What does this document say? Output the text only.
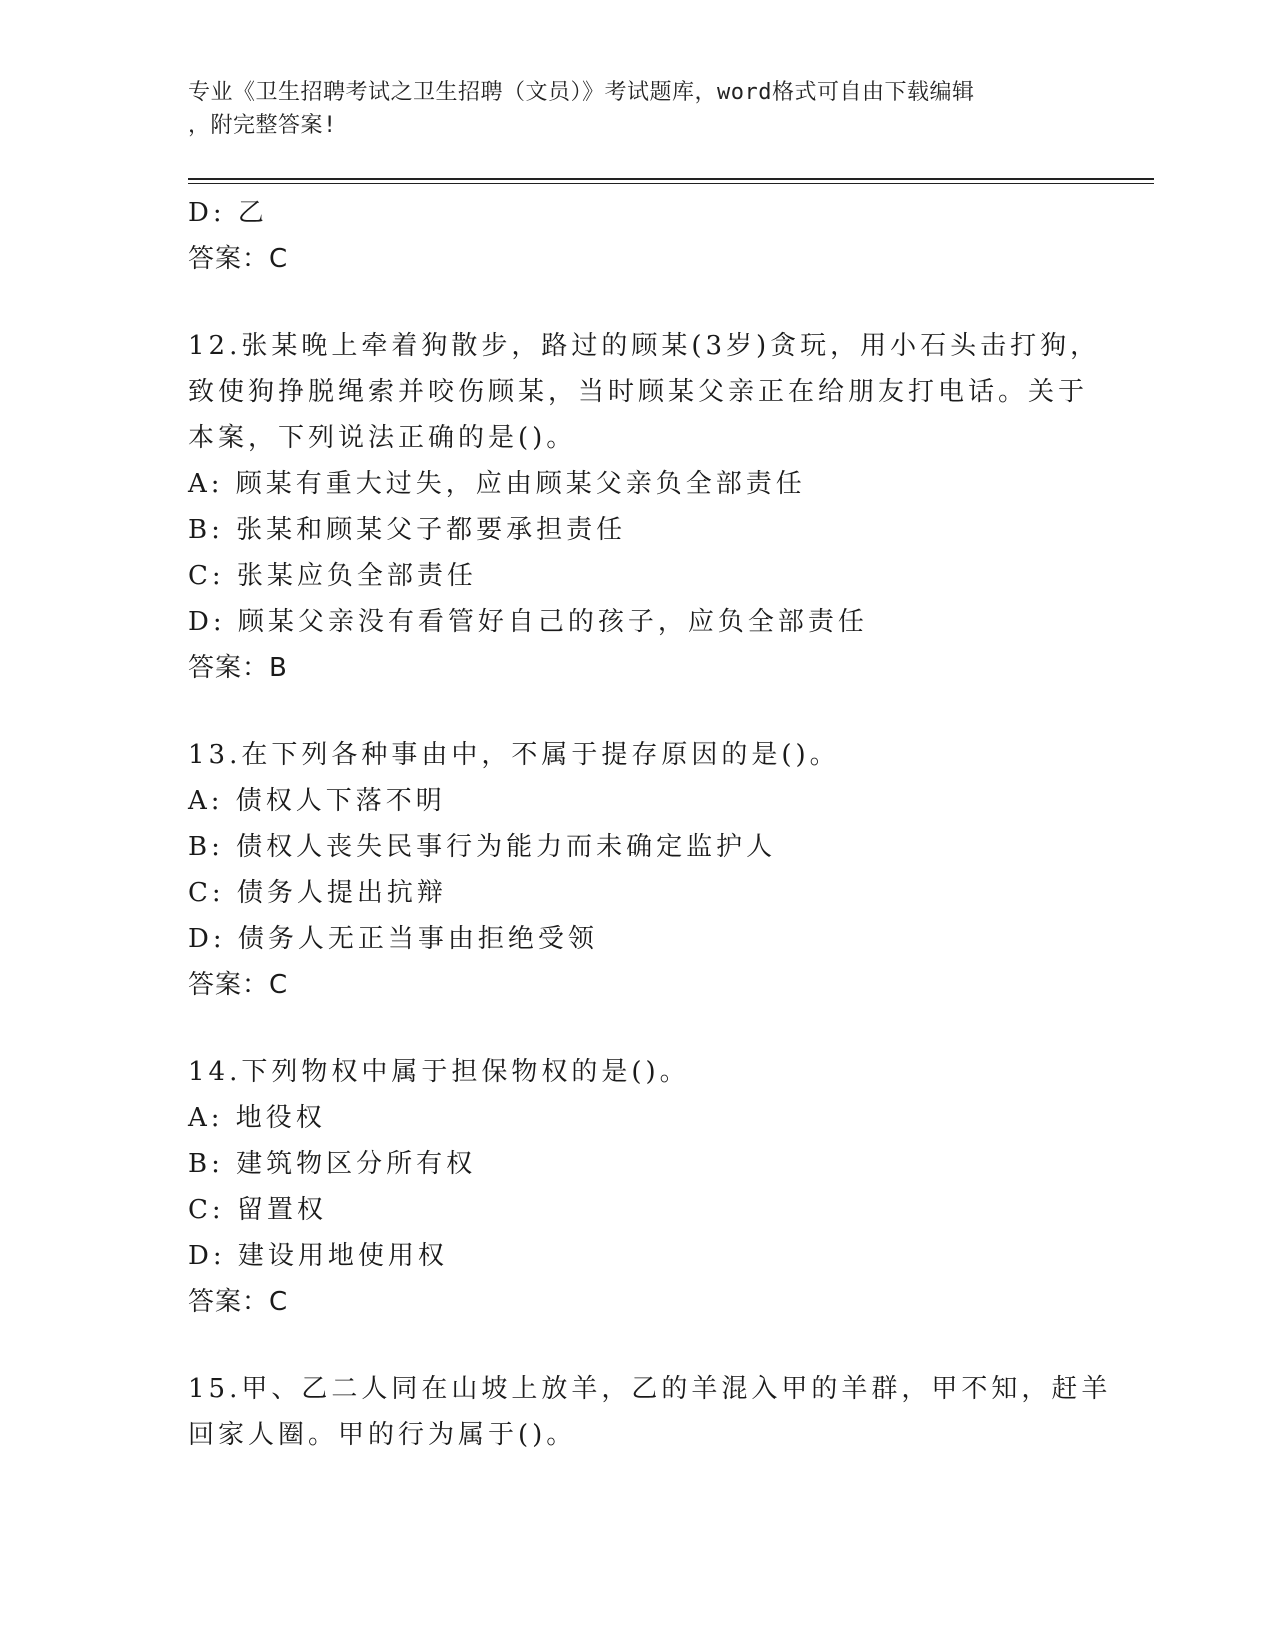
专业《卫生招聘考试之卫生招聘（文员）》考试题库，word格式可自由下载编辑
，附完整答案!

D: 乙

答案：C

12.张某晚上牵着狗散步，路过的顾某(3岁)贪玩，用小石头击打狗，

致使狗挣脱绳索并咬伤顾某，当时顾某父亲正在给朋友打电话。关于

本案，下列说法正确的是()。

A: 顾某有重大过失，应由顾某父亲负全部责任

B: 张某和顾某父子都要承担责任

C: 张某应负全部责任

D: 顾某父亲没有看管好自己的孩子，应负全部责任

答案：B

13.在下列各种事由中，不属于提存原因的是()。

A: 债权人下落不明

B: 债权人丧失民事行为能力而未确定监护人

C: 债务人提出抗辩

D: 债务人无正当事由拒绝受领

答案：C

14.下列物权中属于担保物权的是()。

A: 地役权

B: 建筑物区分所有权

C: 留置权

D: 建设用地使用权

答案：C

15.甲、乙二人同在山坡上放羊，乙的羊混入甲的羊群，甲不知，赶羊

回家人圈。甲的行为属于()。
